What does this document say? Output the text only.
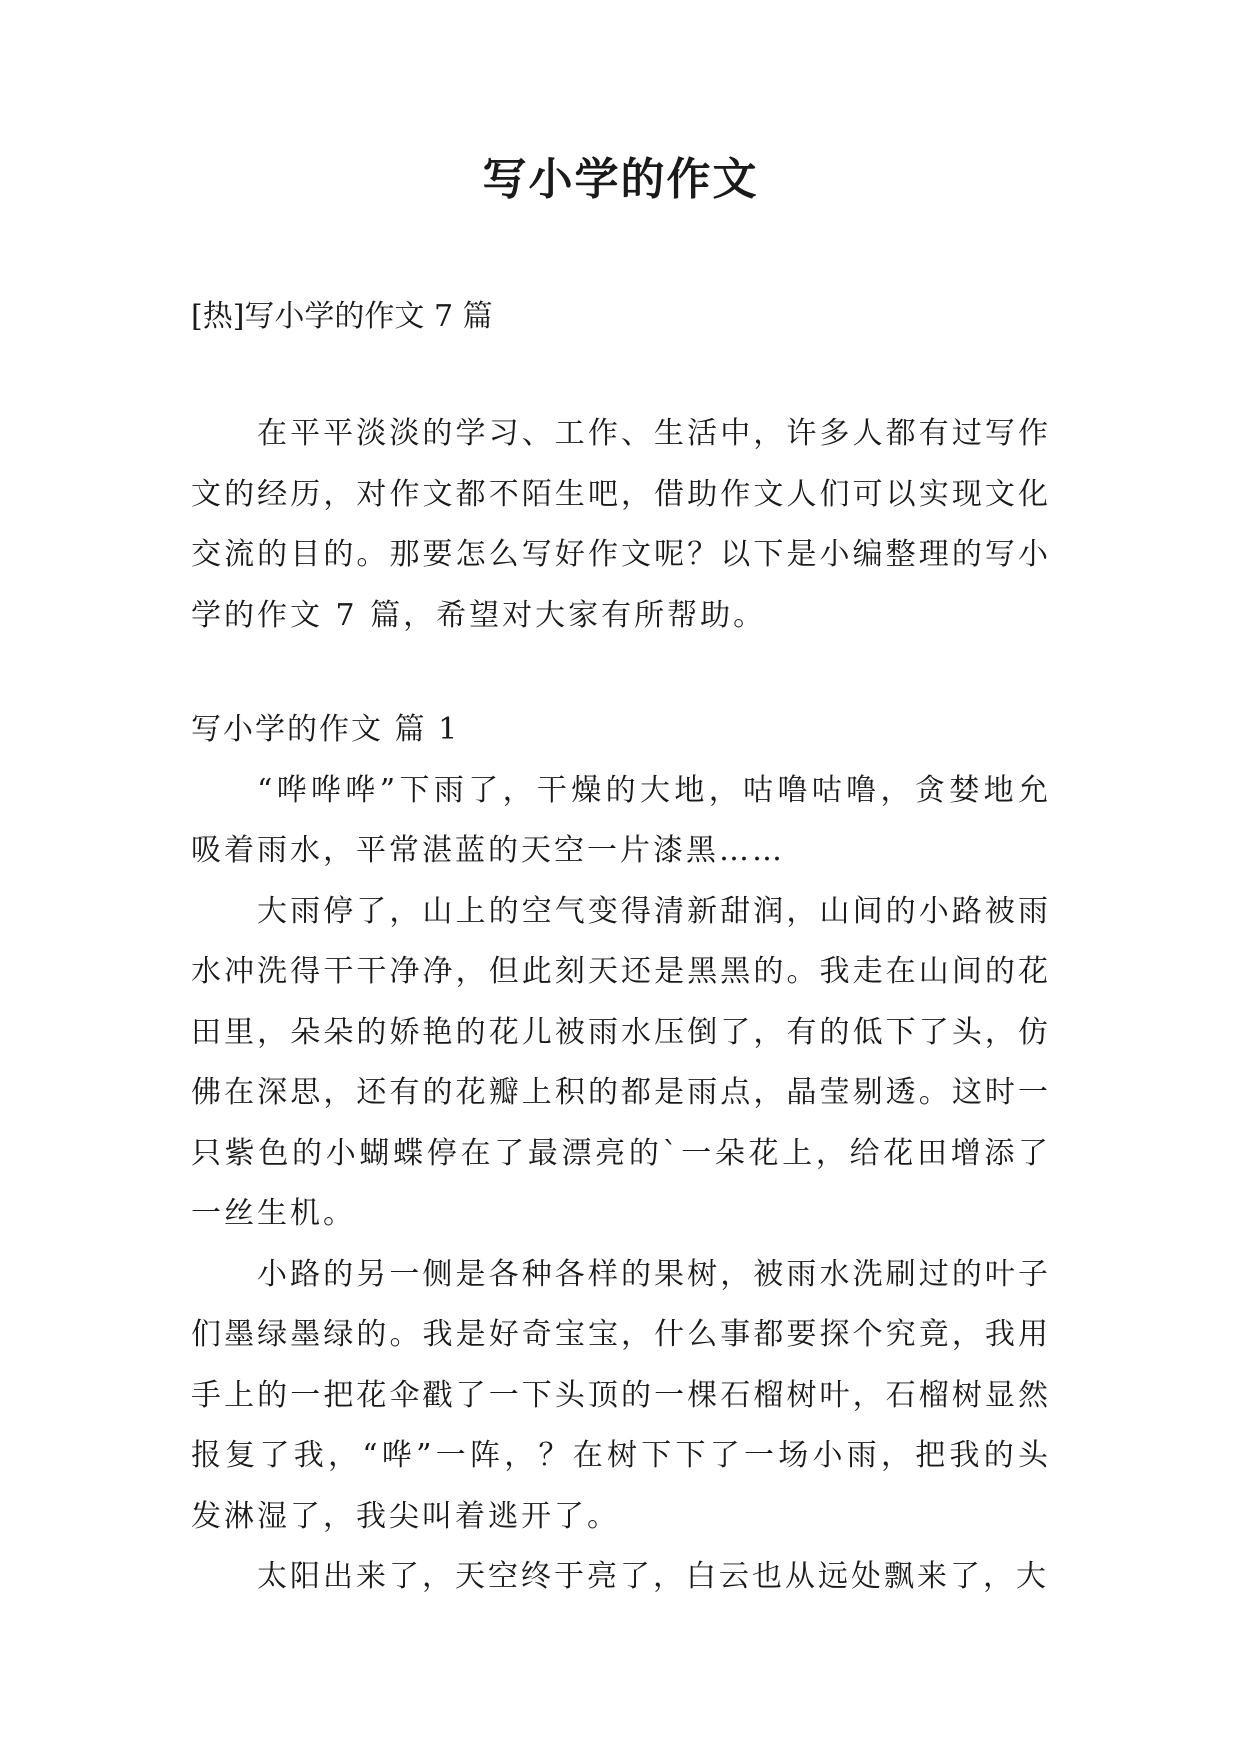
写小学的作文
[热]写小学的作文 7 篇

在平平淡淡的学习、工作、生活中，许多人都有过写作文的经历，对作文都不陌生吧，借助作文人们可以实现文化交流的目的。那要怎么写好作文呢？以下是小编整理的写小学的作文 7 篇，希望对大家有所帮助。

写小学的作文 篇 1

“哗哗哗”下雨了，干燥的大地，咕噜咕噜，贪婪地允吸着雨水，平常湛蓝的天空一片漆黑……

大雨停了，山上的空气变得清新甜润，山间的小路被雨水冲洗得干干净净，但此刻天还是黑黑的。我走在山间的花田里，朵朵的娇艳的花儿被雨水压倒了，有的低下了头，仿佛在深思，还有的花瓣上积的都是雨点，晶莹剔透。这时一只紫色的小蝴蝶停在了最漂亮的`一朵花上，给花田增添了一丝生机。

小路的另一侧是各种各样的果树，被雨水洗刷过的叶子们墨绿墨绿的。我是好奇宝宝，什么事都要探个究竟，我用手上的一把花伞戳了一下头顶的一棵石榴树叶，石榴树显然报复了我，“哗”一阵，？在树下下了一场小雨，把我的头发淋湿了，我尖叫着逃开了。

太阳出来了，天空终于亮了，白云也从远处飘来了，大
